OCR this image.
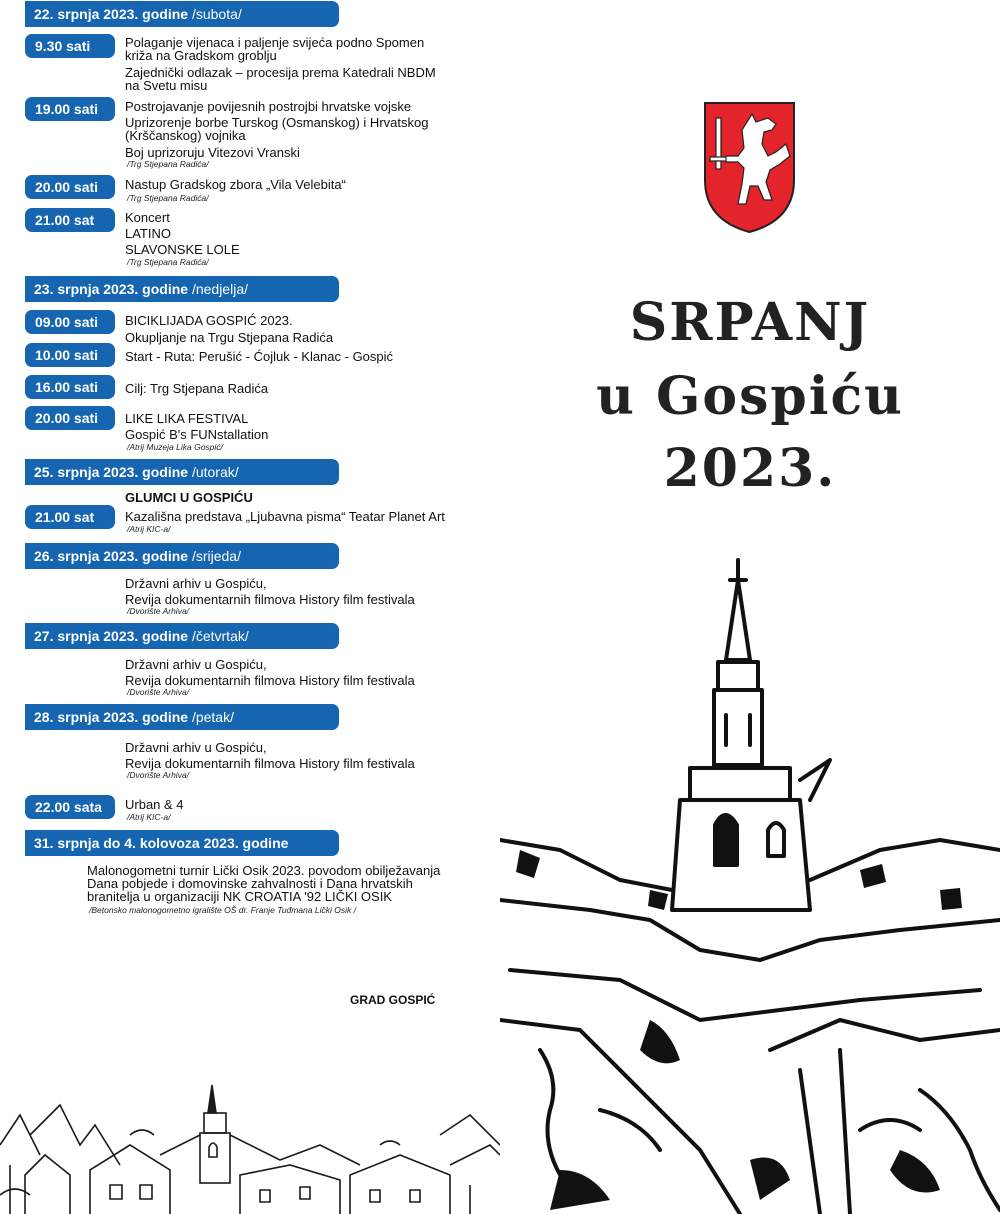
22. srpnja 2023. godine /subota/
9.30 sati	Polaganje vijenaca i paljenje svijeća podno Spomen
križa na Gradskom groblju
Zajednički odlazak – procesija prema Katedrali NBDM
na Svetu misu
19.00 sati	Postrojavanje povijesnih postrojbi hrvatske vojske
Uprizorenje borbe Turskog (Osmanskog) i Hrvatskog
(Krščanskog) vojnika
Boj uprizoruju Vitezovi Vranski
/Trg Stjepana Radića/
20.00 sati	Nastup Gradskog zbora „Vila Velebita“
/Trg Stjepana Radića/
21.00 sat	Koncert
LATINO
SLAVONSKE LOLE
/Trg Stjepana Radića/
23. srpnja 2023. godine /nedjelja/
09.00 sati	BICIKLIJADA GOSPIĆ 2023.
Okupljanje na Trgu Stjepana Radića
10.00 sati	Start - Ruta: Perušić - Ćojluk - Klanac - Gospić
16.00 sati	Cilj: Trg Stjepana Radića
20.00 sati	LIKE LIKA FESTIVAL
Gospić B's FUNstallation
/Atrij Muzeja Lika Gospić/
25. srpnja 2023. godine /utorak/
GLUMCI U GOSPIĆU
21.00 sat	Kazališna predstava „Ljubavna pisma“ Teatar Planet Art
/Atrij KIC-a/
26. srpnja 2023. godine /srijeda/
Državni arhiv u Gospiću,
Revija dokumentarnih filmova History film festivala
/Dvorište Arhiva/
27. srpnja 2023. godine /četvrtak/
Državni arhiv u Gospiću,
Revija dokumentarnih filmova History film festivala
/Dvorište Arhiva/
28. srpnja 2023. godine /petak/
Državni arhiv u Gospiću,
Revija dokumentarnih filmova History film festivala
/Dvorište Arhiva/
22.00 sata	Urban & 4
/Atrij KIC-a/
31. srpnja do 4. kolovoza 2023. godine
Malonogometni turnir Lički Osik 2023. povodom obilježavanja
Dana pobjede i domovinske zahvalnosti i Dana hrvatskih
branitelja u organizaciji NK CROATIA '92 LIČKI OSIK
/Betonsko malonogometno igralište OŠ dr. Franje Tuđmana Lički Osik /
GRAD GOSPIĆ
SRPANJ
u Gospiću
2023.
